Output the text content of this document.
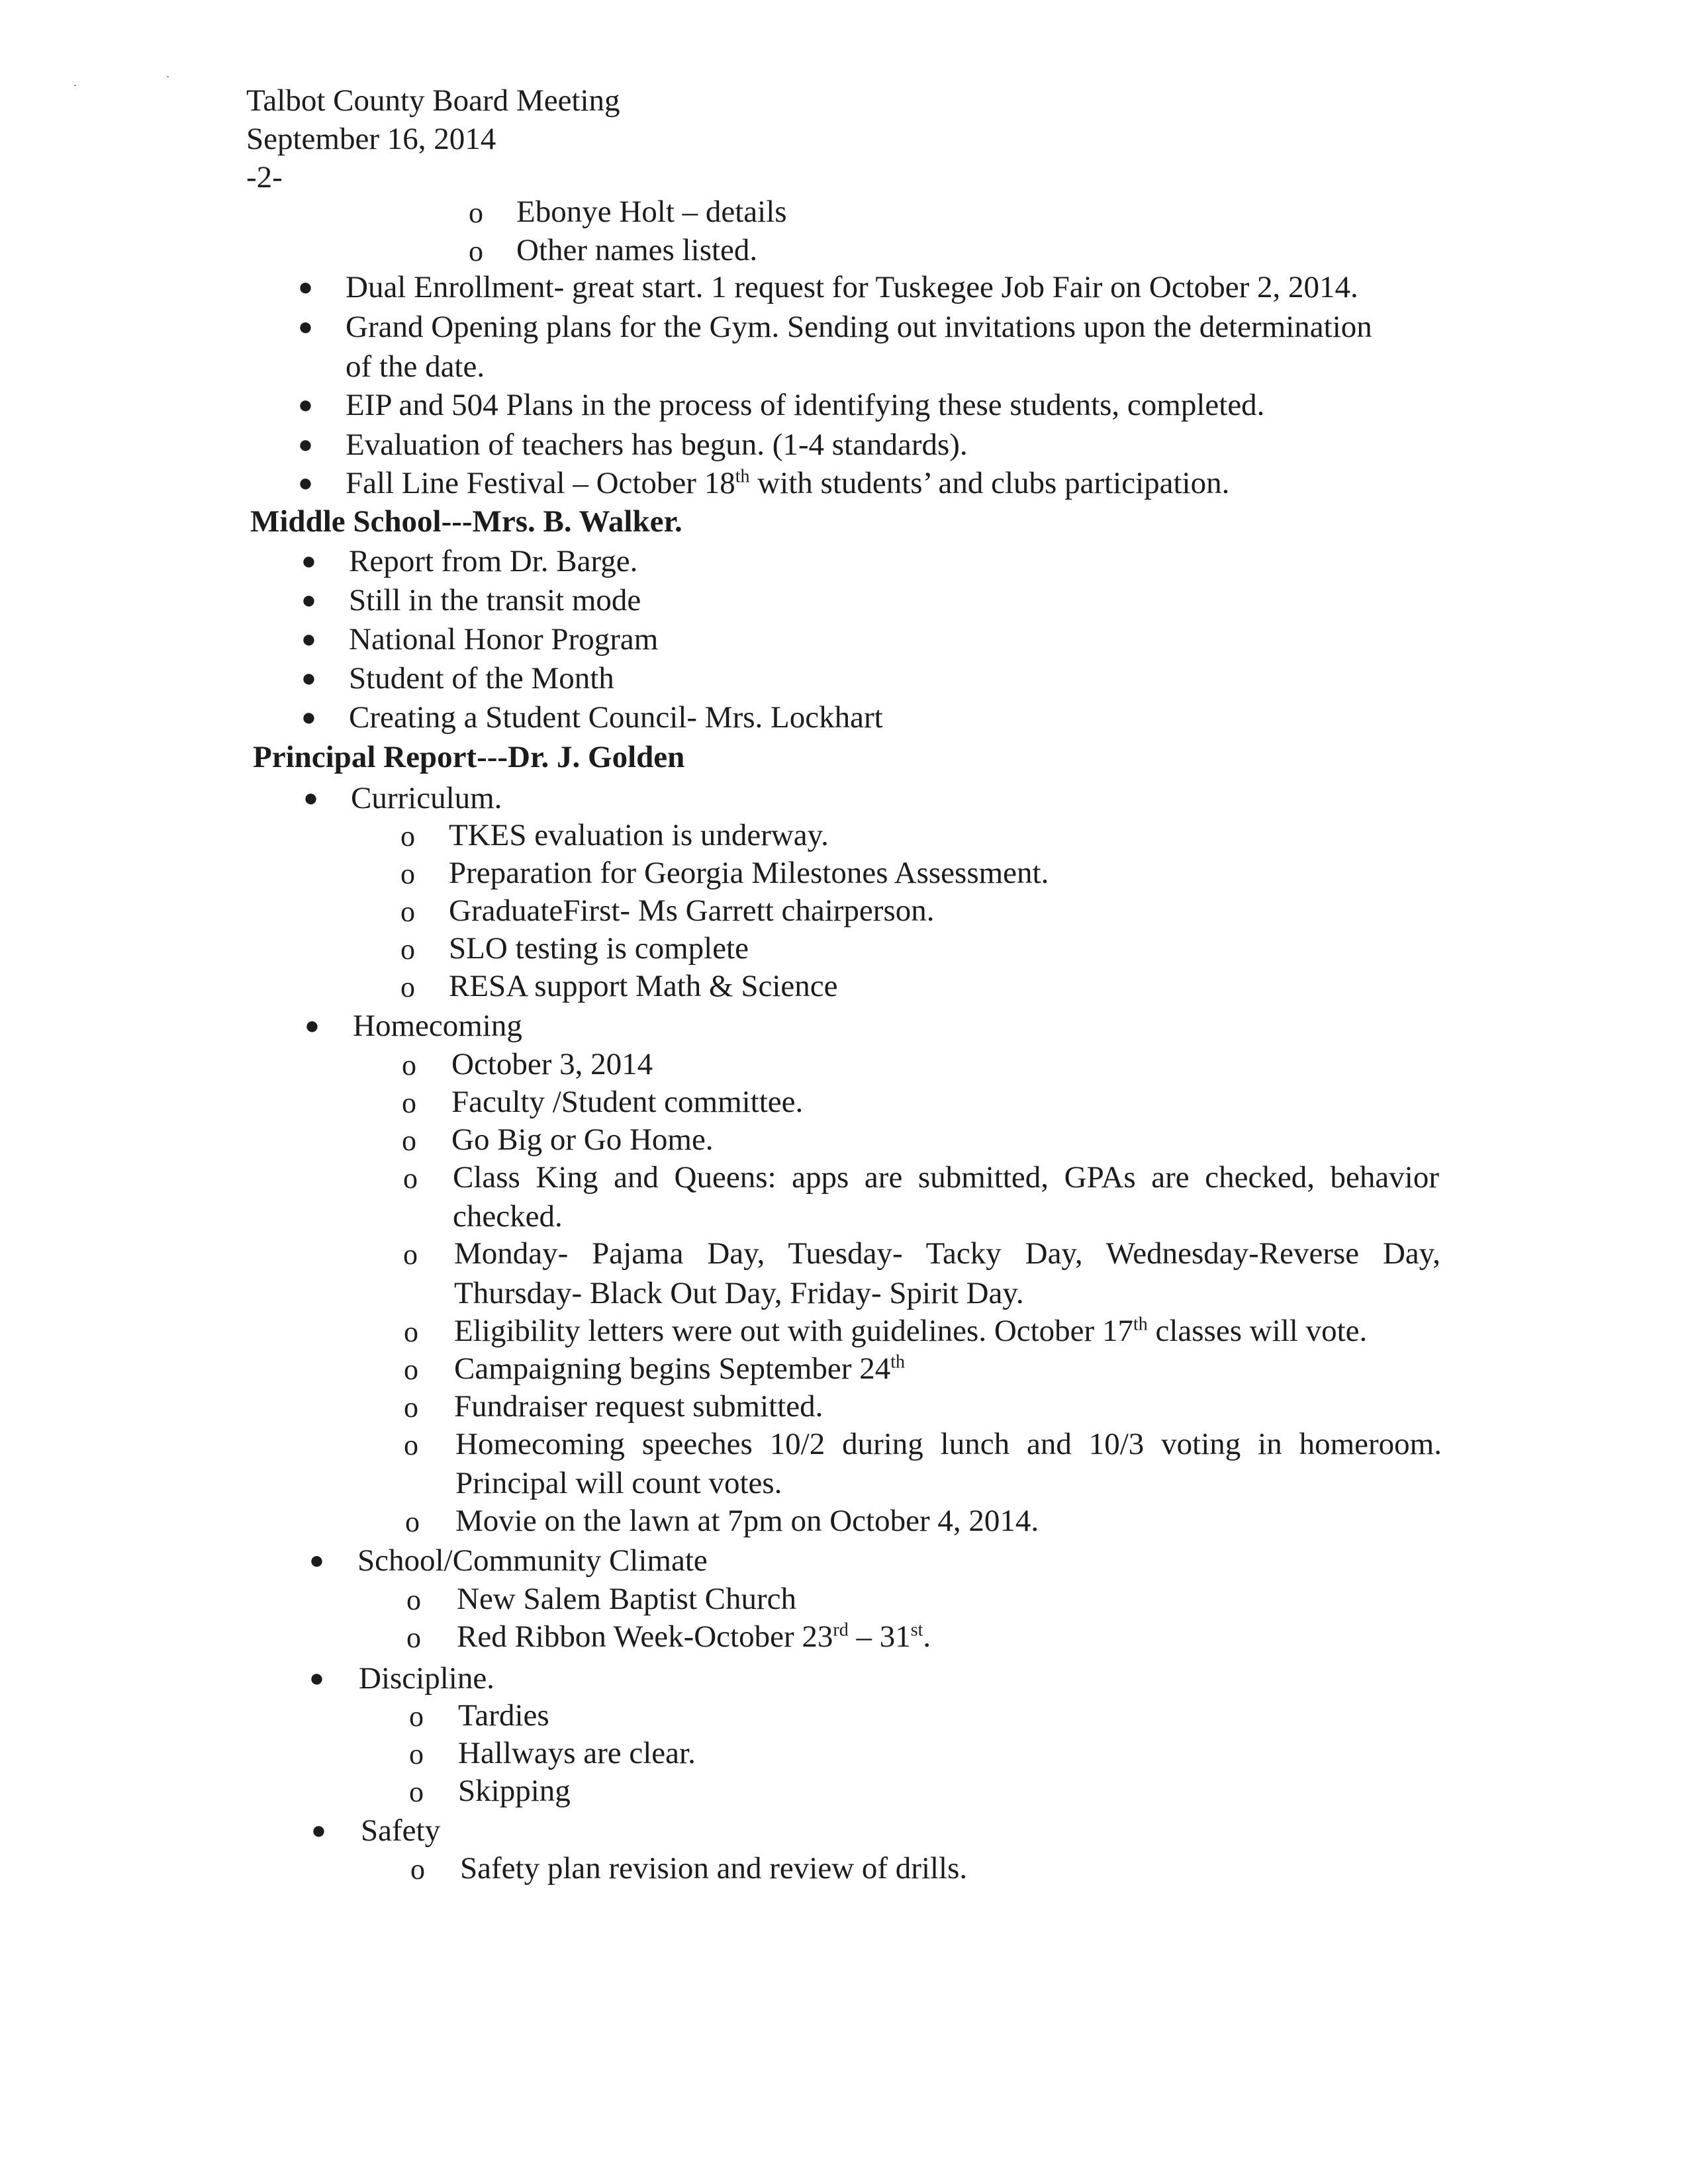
Talbot County Board Meeting
September 16, 2014
-2-
o Ebonye Holt – details
o Other names listed.
● Dual Enrollment- great start. 1 request for Tuskegee Job Fair on October 2, 2014.
● Grand Opening plans for the Gym. Sending out invitations upon the determination
of the date.
● EIP and 504 Plans in the process of identifying these students, completed.
● Evaluation of teachers has begun. (1-4 standards).
● Fall Line Festival – October 18th with students’ and clubs participation.
Middle School---Mrs. B. Walker.
● Report from Dr. Barge.
● Still in the transit mode
● National Honor Program
● Student of the Month
● Creating a Student Council- Mrs. Lockhart
Principal Report---Dr. J. Golden
● Curriculum.
o TKES evaluation is underway.
o Preparation for Georgia Milestones Assessment.
o GraduateFirst- Ms Garrett chairperson.
o SLO testing is complete
o RESA support Math & Science
● Homecoming
o October 3, 2014
o Faculty /Student committee.
o Go Big or Go Home.
o Class King and Queens: apps are submitted, GPAs are checked, behavior
checked.
o Monday- Pajama Day, Tuesday- Tacky Day, Wednesday-Reverse Day,
Thursday- Black Out Day, Friday- Spirit Day.
o Eligibility letters were out with guidelines. October 17th classes will vote.
o Campaigning begins September 24th
o Fundraiser request submitted.
o Homecoming speeches 10/2 during lunch and 10/3 voting in homeroom.
Principal will count votes.
o Movie on the lawn at 7pm on October 4, 2014.
● School/Community Climate
o New Salem Baptist Church
o Red Ribbon Week-October 23rd – 31st.
● Discipline.
o Tardies
o Hallways are clear.
o Skipping
● Safety
o Safety plan revision and review of drills.
